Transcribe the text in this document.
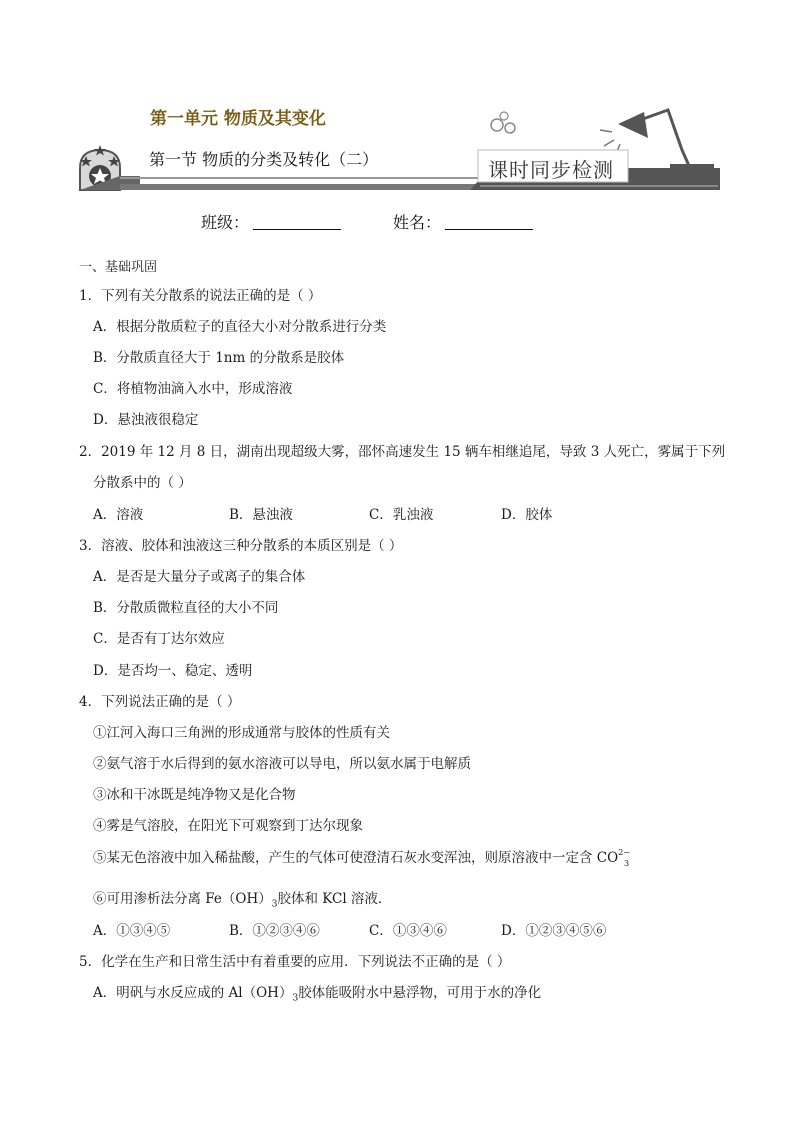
第一单元 物质及其变化
第一节 物质的分类及转化（二）	课时同步检测
班级：	姓名：
一、基础巩固
1．下列有关分散系的说法正确的是（ ）
A．根据分散质粒子的直径大小对分散系进行分类
B．分散质直径大于 1nm 的分散系是胶体
C．将植物油滴入水中，形成溶液
D．悬浊液很稳定
2．2019 年 12 月 8 日，湖南出现超级大雾，邵怀高速发生 15 辆车相继追尾，导致 3 人死亡，雾属于下列
分散系中的（ ）
A．溶液	B．悬浊液	C．乳浊液	D．胶体
3．溶液、胶体和浊液这三种分散系的本质区别是（ ）
A．是否是大量分子或离子的集合体
B．分散质微粒直径的大小不同
C．是否有丁达尔效应
D．是否均一、稳定、透明
4．下列说法正确的是（ ）
①江河入海口三角洲的形成通常与胶体的性质有关
②氨气溶于水后得到的氨水溶液可以导电，所以氨水属于电解质
③冰和干冰既是纯净物又是化合物
④雾是气溶胶，在阳光下可观察到丁达尔现象
⑤某无色溶液中加入稀盐酸，产生的气体可使澄清石灰水变浑浊，则原溶液中一定含 $CO^{2-}_3$
⑥可用渗析法分离 $Fe(OH)_3$胶体和 KCl 溶液．
A．①③④⑤	B．①②③④⑥	C．①③④⑥	D．①②③④⑤⑥
5．化学在生产和日常生活中有着重要的应用．下列说法不正确的是（ ）
A．明矾与水反应成的 $Al(OH)_3$胶体能吸附水中悬浮物，可用于水的净化
